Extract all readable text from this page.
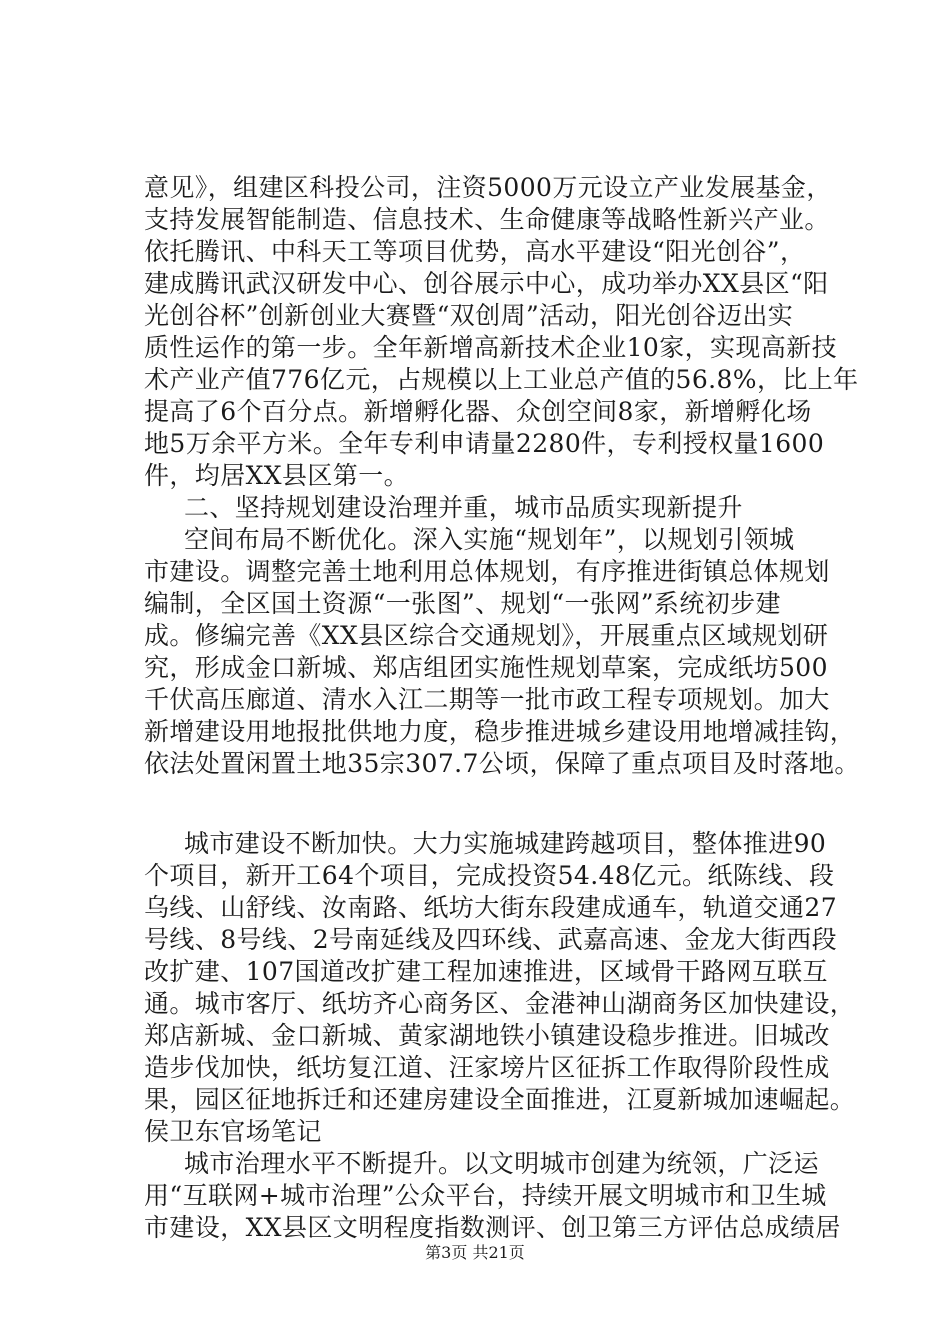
意见》，组建区科投公司，注资5000万元设立产业发展基金，
支持发展智能制造、信息技术、生命健康等战略性新兴产业。
依托腾讯、中科天工等项目优势，高水平建设“阳光创谷”，
建成腾讯武汉研发中心、创谷展示中心，成功举办XX县区“阳
光创谷杯”创新创业大赛暨“双创周”活动，阳光创谷迈出实
质性运作的第一步。全年新增高新技术企业10家，实现高新技
术产业产值776亿元，占规模以上工业总产值的56.8%，比上年
提高了6个百分点。新增孵化器、众创空间8家，新增孵化场
地5万余平方米。全年专利申请量2280件，专利授权量1600
件，均居XX县区第一。
二、坚持规划建设治理并重，城市品质实现新提升
空间布局不断优化。深入实施“规划年”，以规划引领城
市建设。调整完善土地利用总体规划，有序推进街镇总体规划
编制，全区国土资源“一张图”、规划“一张网”系统初步建
成。修编完善《XX县区综合交通规划》，开展重点区域规划研
究，形成金口新城、郑店组团实施性规划草案，完成纸坊500
千伏高压廊道、清水入江二期等一批市政工程专项规划。加大
新增建设用地报批供地力度，稳步推进城乡建设用地增减挂钩，
依法处置闲置土地35宗307.7公顷，保障了重点项目及时落地。
城市建设不断加快。大力实施城建跨越项目，整体推进90
个项目，新开工64个项目，完成投资54.48亿元。纸陈线、段
乌线、山舒线、汝南路、纸坊大街东段建成通车，轨道交通27
号线、8号线、2号南延线及四环线、武嘉高速、金龙大街西段
改扩建、107国道改扩建工程加速推进，区域骨干路网互联互
通。城市客厅、纸坊齐心商务区、金港神山湖商务区加快建设，
郑店新城、金口新城、黄家湖地铁小镇建设稳步推进。旧城改
造步伐加快，纸坊复江道、汪家塝片区征拆工作取得阶段性成
果，园区征地拆迁和还建房建设全面推进，江夏新城加速崛起。
侯卫东官场笔记
城市治理水平不断提升。以文明城市创建为统领，广泛运
用“互联网+城市治理”公众平台，持续开展文明城市和卫生城
市建设，XX县区文明程度指数测评、创卫第三方评估总成绩居
第3页 共21页
